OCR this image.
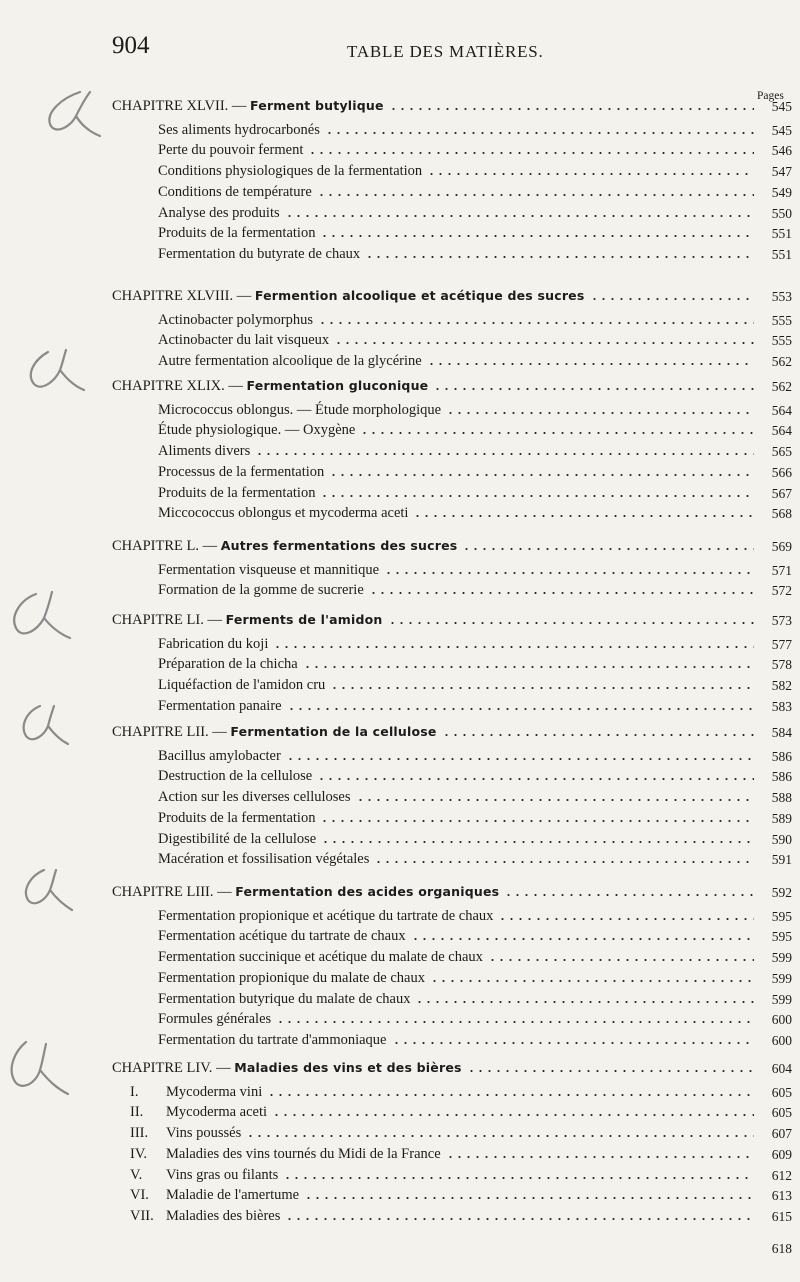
904	TABLE DES MATIÈRES.
Pages
CHAPITRE XLVII. — Ferment butylique	545
Ses aliments hydrocarbonés	545
Perte du pouvoir ferment	546
Conditions physiologiques de la fermentation	547
Conditions de température	549
Analyse des produits	550
Produits de la fermentation	551
Fermentation du butyrate de chaux	551
CHAPITRE XLVIII. — Fermention alcoolique et acétique des sucres	553
Actinobacter polymorphus	555
Actinobacter du lait visqueux	555
Autre fermentation alcoolique de la glycérine	562
CHAPITRE XLIX. — Fermentation gluconique	562
Micrococcus oblongus. — Étude morphologique	564
Étude physiologique. — Oxygène	564
Aliments divers	565
Processus de la fermentation	566
Produits de la fermentation	567
Miccococcus oblongus et mycoderma aceti	568
CHAPITRE L. — Autres fermentations des sucres	569
Fermentation visqueuse et mannitique	571
Formation de la gomme de sucrerie	572
CHAPITRE LI. — Ferments de l'amidon	573
Fabrication du koji	577
Préparation de la chicha	578
Liquéfaction de l'amidon cru	582
Fermentation panaire	583
CHAPITRE LII. — Fermentation de la cellulose	584
Bacillus amylobacter	586
Destruction de la cellulose	586
Action sur les diverses celluloses	588
Produits de la fermentation	589
Digestibilité de la cellulose	590
Macération et fossilisation végétales	591
CHAPITRE LIII. — Fermentation des acides organiques	592
Fermentation propionique et acétique du tartrate de chaux	595
Fermentation acétique du tartrate de chaux	595
Fermentation succinique et acétique du malate de chaux	599
Fermentation propionique du malate de chaux	599
Fermentation butyrique du malate de chaux	599
Formules générales	600
Fermentation du tartrate d'ammoniaque	600
CHAPITRE LIV. — Maladies des vins et des bières	604
I.	Mycoderma vini	605
II.	Mycoderma aceti	605
III.	Vins poussés	607
IV.	Maladies des vins tournés du Midi de la France	609
V.	Vins gras ou filants	612
VI.	Maladie de l'amertume	613
VII. Maladies des bières	615
618
